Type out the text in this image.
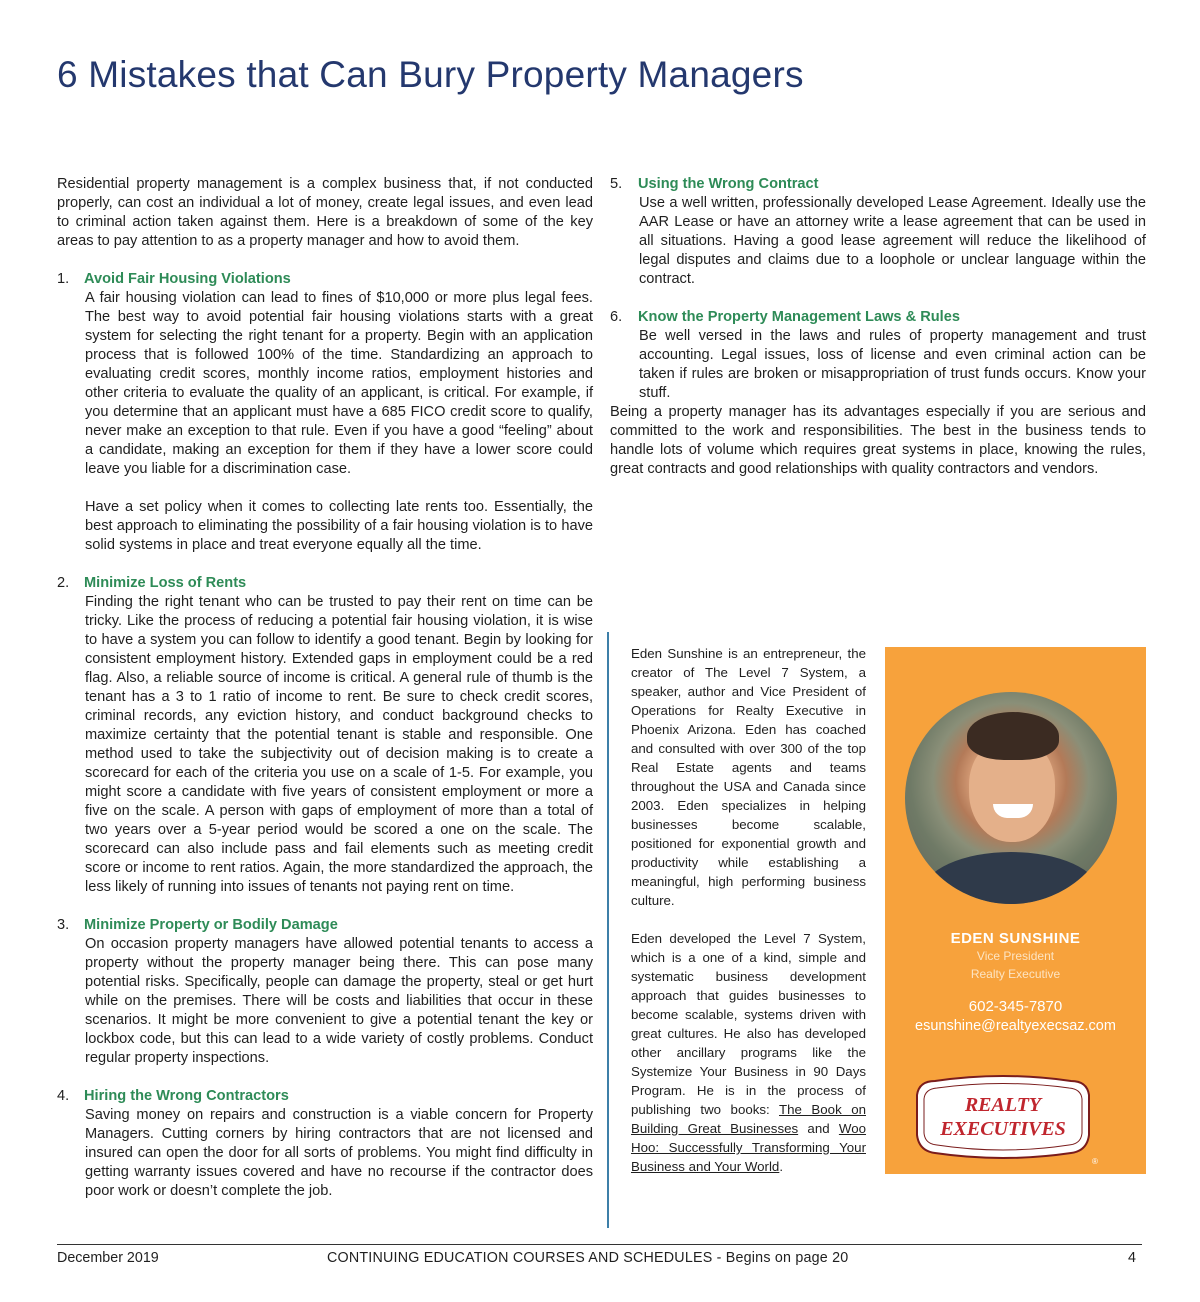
6 Mistakes that Can Bury Property Managers

Residential property management is a complex business that, if not conducted properly, can cost an individual a lot of money, create legal issues, and even lead to criminal action taken against them. Here is a breakdown of some of the key areas to pay attention to as a property manager and how to avoid them.

1. Avoid Fair Housing Violations

A fair housing violation can lead to fines of $10,000 or more plus legal fees. The best way to avoid potential fair housing violations starts with a great system for selecting the right tenant for a property. Begin with an application process that is followed 100% of the time. Standardizing an approach to evaluating credit scores, monthly income ratios, employment histories and other criteria to evaluate the quality of an applicant, is critical. For example, if you determine that an applicant must have a 685 FICO credit score to qualify, never make an exception to that rule. Even if you have a good “feeling” about a candidate, making an exception for them if they have a lower score could leave you liable for a discrimination case.

Have a set policy when it comes to collecting late rents too. Essentially, the best approach to eliminating the possibility of a fair housing violation is to have solid systems in place and treat everyone equally all the time.

2. Minimize Loss of Rents

Finding the right tenant who can be trusted to pay their rent on time can be tricky. Like the process of reducing a potential fair housing violation, it is wise to have a system you can follow to identify a good tenant. Begin by looking for consistent employment history. Extended gaps in employment could be a red flag. Also, a reliable source of income is critical. A general rule of thumb is the tenant has a 3 to 1 ratio of income to rent. Be sure to check credit scores, criminal records, any eviction history, and conduct background checks to maximize certainty that the potential tenant is stable and responsible. One method used to take the subjectivity out of decision making is to create a scorecard for each of the criteria you use on a scale of 1-5. For example, you might score a candidate with five years of consistent employment or more a five on the scale. A person with gaps of employment of more than a total of two years over a 5-year period would be scored a one on the scale. The scorecard can also include pass and fail elements such as meeting credit score or income to rent ratios. Again, the more standardized the approach, the less likely of running into issues of tenants not paying rent on time.

3. Minimize Property or Bodily Damage

On occasion property managers have allowed potential tenants to access a property without the property manager being there. This can pose many potential risks. Specifically, people can damage the property, steal or get hurt while on the premises. There will be costs and liabilities that occur in these scenarios. It might be more convenient to give a potential tenant the key or lockbox code, but this can lead to a wide variety of costly problems. Conduct regular property inspections.

4. Hiring the Wrong Contractors

Saving money on repairs and construction is a viable concern for Property Managers. Cutting corners by hiring contractors that are not licensed and insured can open the door for all sorts of problems. You might find difficulty in getting warranty issues covered and have no recourse if the contractor does poor work or doesn’t complete the job.

5. Using the Wrong Contract

Use a well written, professionally developed Lease Agreement. Ideally use the AAR Lease or have an attorney write a lease agreement that can be used in all situations. Having a good lease agreement will reduce the likelihood of legal disputes and claims due to a loophole or unclear language within the contract.

6. Know the Property Management Laws & Rules

Be well versed in the laws and rules of property management and trust accounting. Legal issues, loss of license and even criminal action can be taken if rules are broken or misappropriation of trust funds occurs. Know your stuff.

Being a property manager has its advantages especially if you are serious and committed to the work and responsibilities. The best in the business tends to handle lots of volume which requires great systems in place, knowing the rules, great contracts and good relationships with quality contractors and vendors.

Eden Sunshine is an entrepreneur, the creator of The Level 7 System, a speaker, author and Vice President of Operations for Realty Executive in Phoenix Arizona. Eden has coached and consulted with over 300 of the top Real Estate agents and teams throughout the USA and Canada since 2003. Eden specializes in helping businesses become scalable, positioned for exponential growth and productivity while establishing a meaningful, high performing business culture.

Eden developed the Level 7 System, which is a one of a kind, simple and systematic business development approach that guides businesses to become scalable, systems driven with great cultures. He also has developed other ancillary programs like the Systemize Your Business in 90 Days Program. He is in the process of publishing two books: The Book on Building Great Businesses and Woo Hoo: Successfully Transforming Your Business and Your World.

EDEN SUNSHINE
Vice President
Realty Executive
602-345-7870
esunshine@realtyexecsaz.com
REALTY
EXECUTIVES
®
December 2019	CONTINUING EDUCATION COURSES AND SCHEDULES - Begins on page 20	4
